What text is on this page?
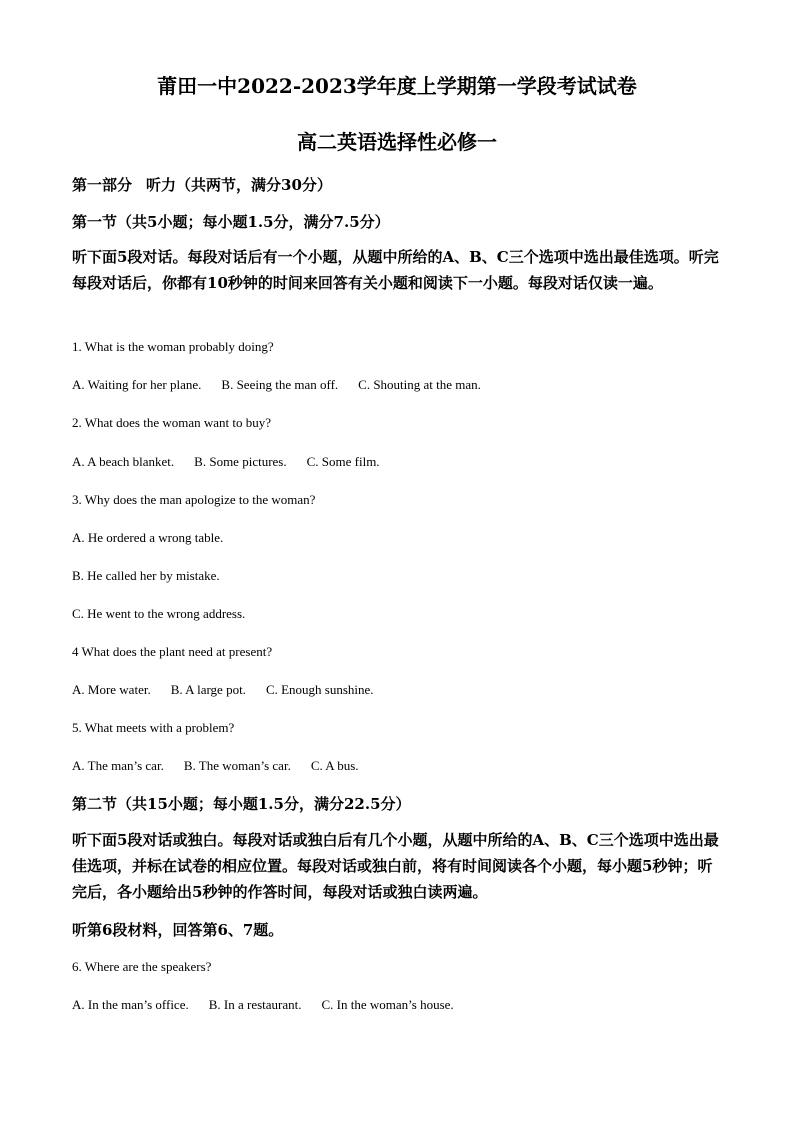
莆田一中2022-2023学年度上学期第一学段考试试卷
高二英语选择性必修一
第一部分 听力（共两节，满分30分）
第一节（共5小题；每小题1.5分，满分7.5分）
听下面5段对话。每段对话后有一个小题，从题中所给的A、B、C三个选项中选出最佳选项。听完每段对话后，你都有10秒钟的时间来回答有关小题和阅读下一小题。每段对话仅读一遍。
1. What is the woman probably doing?
A. Waiting for her plane. B. Seeing the man off. C. Shouting at the man.
2. What does the woman want to buy?
A. A beach blanket. B. Some pictures. C. Some film.
3. Why does the man apologize to the woman?
A. He ordered a wrong table.
B. He called her by mistake.
C. He went to the wrong address.
4 What does the plant need at present?
A. More water. B. A large pot. C. Enough sunshine.
5. What meets with a problem?
A. The man’s car. B. The woman’s car. C. A bus.
第二节（共15小题；每小题1.5分，满分22.5分）
听下面5段对话或独白。每段对话或独白后有几个小题，从题中所给的A、B、C三个选项中选出最佳选项，并标在试卷的相应位置。每段对话或独白前，将有时间阅读各个小题，每小题5秒钟；听完后，各小题给出5秒钟的作答时间，每段对话或独白读两遍。
听第6段材料，回答第6、7题。
6. Where are the speakers?
A. In the man’s office. B. In a restaurant. C. In the woman’s house.
